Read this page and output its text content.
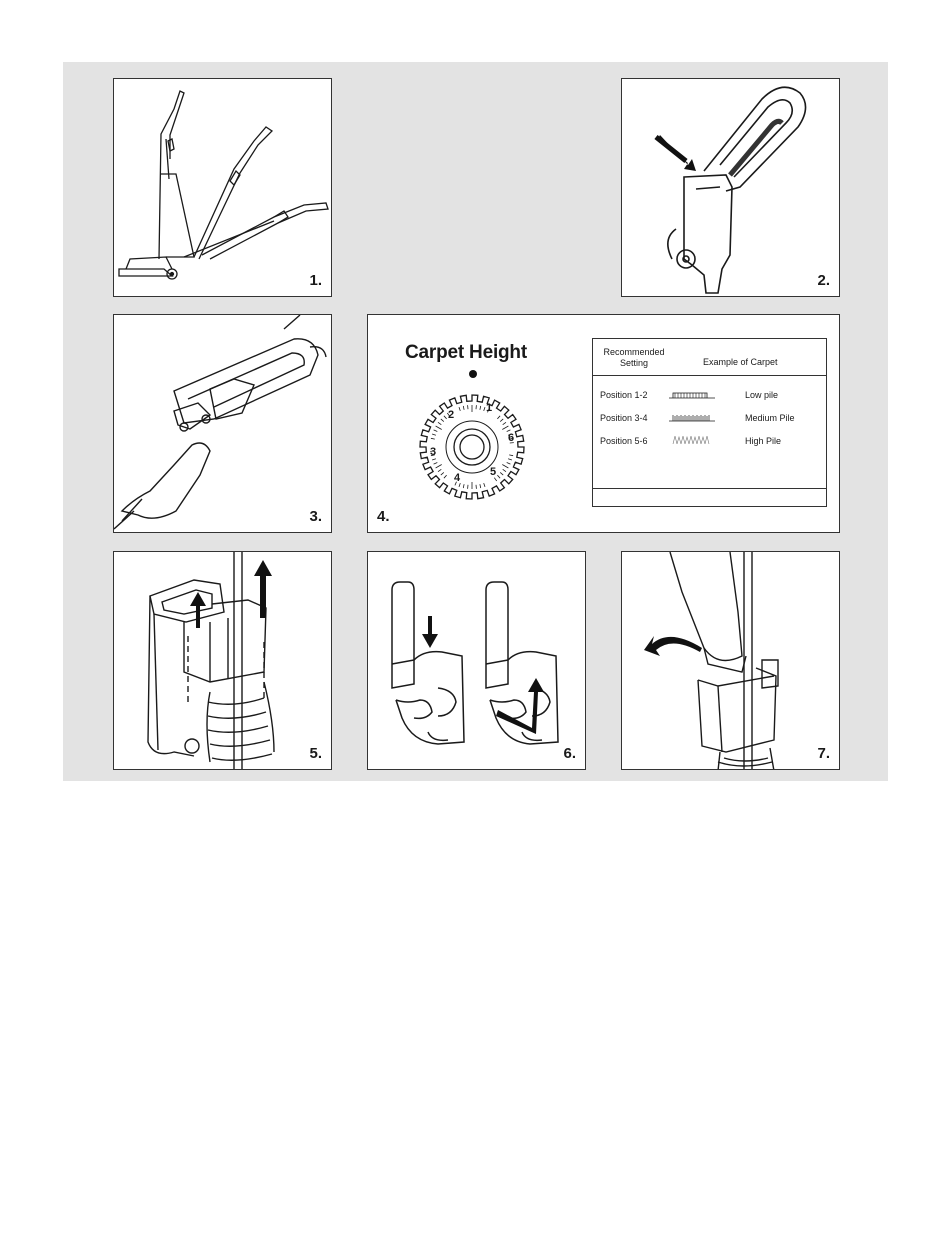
1.	2.
3.
Carpet Height
1
2
3
4	5
6
Recommended Setting	Example of Carpet
Position 1-2	Low pile
Position 3-4	Medium Pile
Position 5-6	High Pile
4.
5.	6.	7.
